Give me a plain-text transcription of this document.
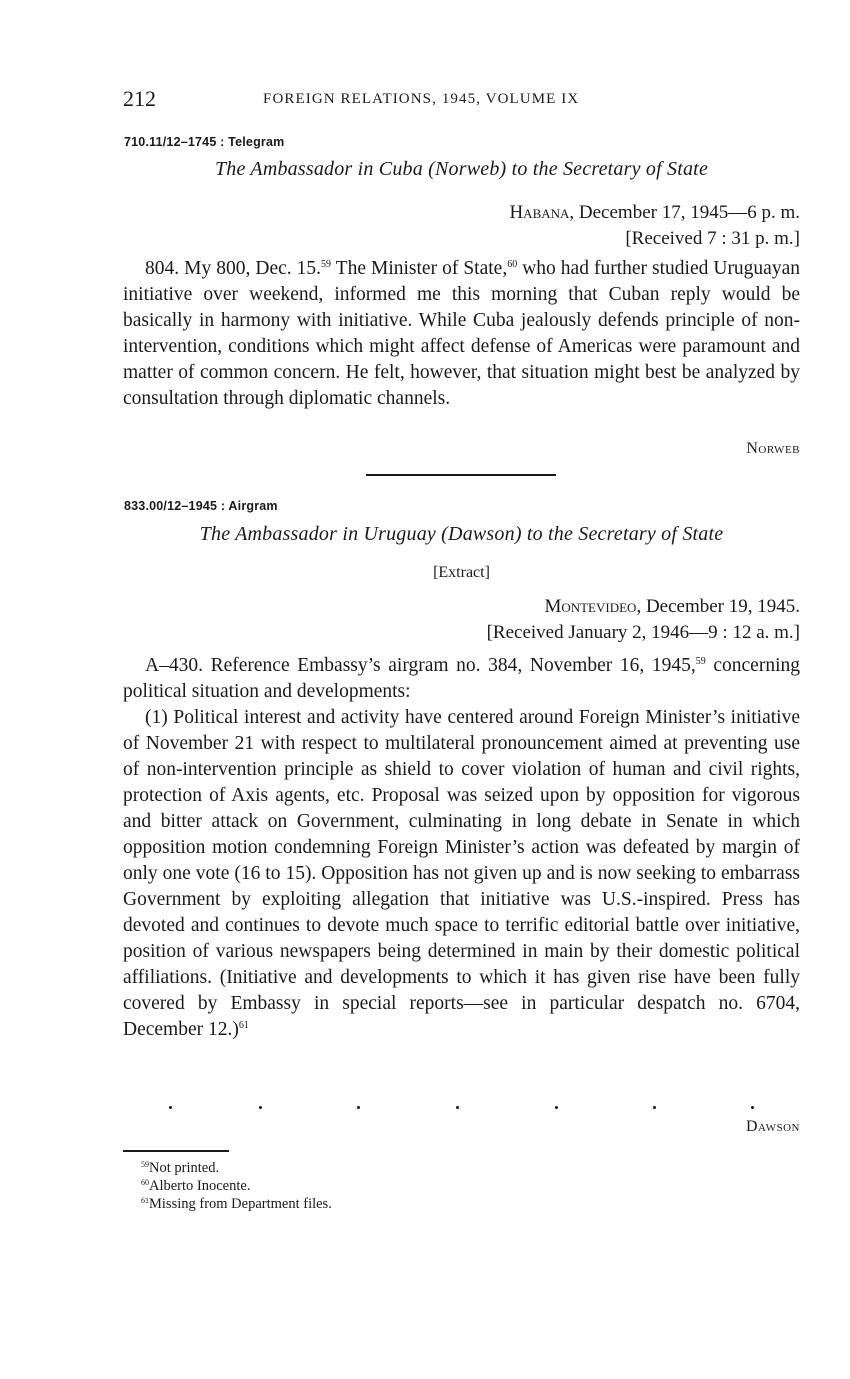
212	FOREIGN RELATIONS, 1945, VOLUME IX
710.11/12–1745 : Telegram
The Ambassador in Cuba (Norweb) to the Secretary of State
Habana, December 17, 1945—6 p. m.
[Received 7 : 31 p. m.]

804. My 800, Dec. 15.59 The Minister of State,$^{60}$ who had further studied Uruguayan initiative over weekend, informed me this morning that Cuban reply would be basically in harmony with initiative. While Cuba jealously defends principle of non-intervention, conditions which might affect defense of Americas were paramount and matter of common concern. He felt, however, that situation might best be analyzed by consultation through diplomatic channels.

Norweb
833.00/12–1945 : Airgram
The Ambassador in Uruguay (Dawson) to the Secretary of State
[Extract]
Montevideo, December 19, 1945.
[Received January 2, 1946—9 : 12 a. m.]

A–430. Reference Embassy’s airgram no. 384, November 16, 1945,59 concerning political situation and developments:

(1) Political interest and activity have centered around Foreign Minister’s initiative of November 21 with respect to multilateral pronouncement aimed at preventing use of non-intervention principle as shield to cover violation of human and civil rights, protection of Axis agents, etc. Proposal was seized upon by opposition for vigorous and bitter attack on Government, culminating in long debate in Senate in which opposition motion condemning Foreign Minister’s action was defeated by margin of only one vote (16 to 15). Opposition has not given up and is now seeking to embarrass Government by exploiting allegation that initiative was U.S.-inspired. Press has devoted and continues to devote much space to terrific editorial battle over initiative, position of various newspapers being determined in main by their domestic political affiliations. (Initiative and developments to which it has given rise have been fully covered by Embassy in special reports—see in particular despatch no. 6704, December 12.)$^{61}$

Dawson
$^{59}$Not printed.
$^{60}$Alberto Inocente.
$^{61}$Missing from Department files.
